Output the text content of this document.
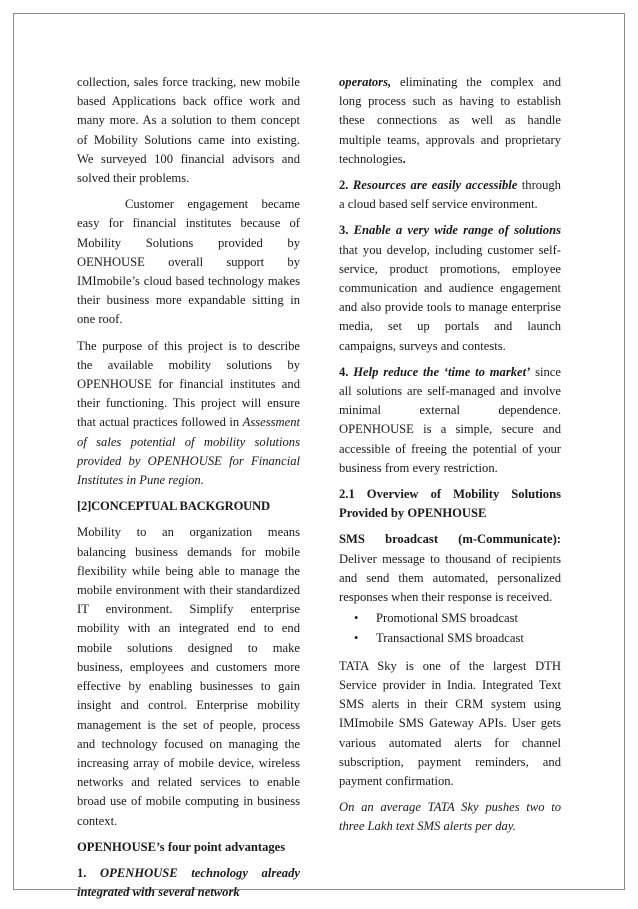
collection, sales force tracking, new mobile based Applications back office work and many more. As a solution to them concept of Mobility Solutions came into existing. We surveyed 100 financial advisors and solved their problems.

Customer engagement became easy for financial institutes because of Mobility Solutions provided by OENHOUSE overall support by IMImobile’s cloud based technology makes their business more expandable sitting in one roof.

The purpose of this project is to describe the available mobility solutions by OPENHOUSE for financial institutes and their functioning. This project will ensure that actual practices followed in Assessment of sales potential of mobility solutions provided by OPENHOUSE for Financial Institutes in Pune region.

[2]CONCEPTUAL BACKGROUND

Mobility to an organization means balancing business demands for mobile flexibility while being able to manage the mobile environment with their standardized IT environment. Simplify enterprise mobility with an integrated end to end mobile solutions designed to make business, employees and customers more effective by enabling businesses to gain insight and control. Enterprise mobility management is the set of people, process and technology focused on managing the increasing array of mobile device, wireless networks and related services to enable broad use of mobile computing in business context.

OPENHOUSE’s four point advantages

1. OPENHOUSE technology already integrated with several network

operators, eliminating the complex and long process such as having to establish these connections as well as handle multiple teams, approvals and proprietary technologies.

2. Resources are easily accessible through a cloud based self service environment.

3. Enable a very wide range of solutions that you develop, including customer self-service, product promotions, employee communication and audience engagement and also provide tools to manage enterprise media, set up portals and launch campaigns, surveys and contests.

4. Help reduce the ‘time to market’ since all solutions are self-managed and involve minimal external dependence. OPENHOUSE is a simple, secure and accessible of freeing the potential of your business from every restriction.

2.1 Overview of Mobility Solutions Provided by OPENHOUSE

SMS broadcast (m-Communicate): Deliver message to thousand of recipients and send them automated, personalized responses when their response is received.

• Promotional SMS broadcast
• Transactional SMS broadcast

TATA Sky is one of the largest DTH Service provider in India. Integrated Text SMS alerts in their CRM system using IMImobile SMS Gateway APIs. User gets various automated alerts for channel subscription, payment reminders, and payment confirmation.

On an average TATA Sky pushes two to three Lakh text SMS alerts per day.
